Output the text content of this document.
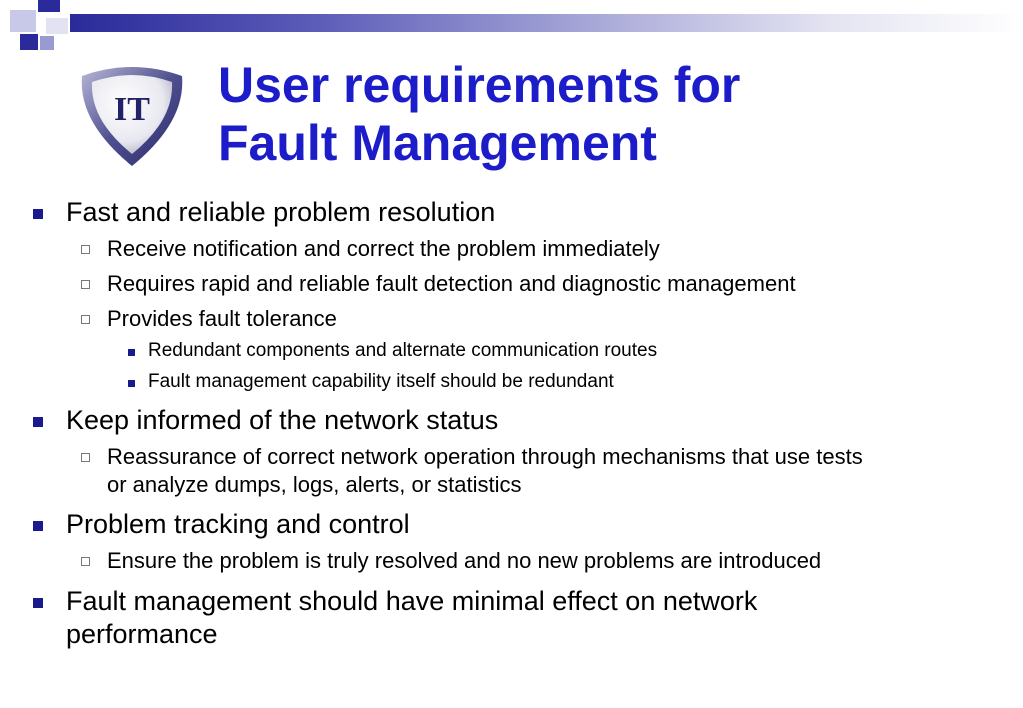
IT User requirements for
Fault Management
Fast and reliable problem resolution
Receive notification and correct the problem immediately
Requires rapid and reliable fault detection and diagnostic management
Provides fault tolerance
Redundant components and alternate communication routes
Fault management capability itself should be redundant
Keep informed of the network status
Reassurance of correct network operation through mechanisms that use tests
or analyze dumps, logs, alerts, or statistics
Problem tracking and control
Ensure the problem is truly resolved and no new problems are introduced
Fault management should have minimal effect on network
performance
